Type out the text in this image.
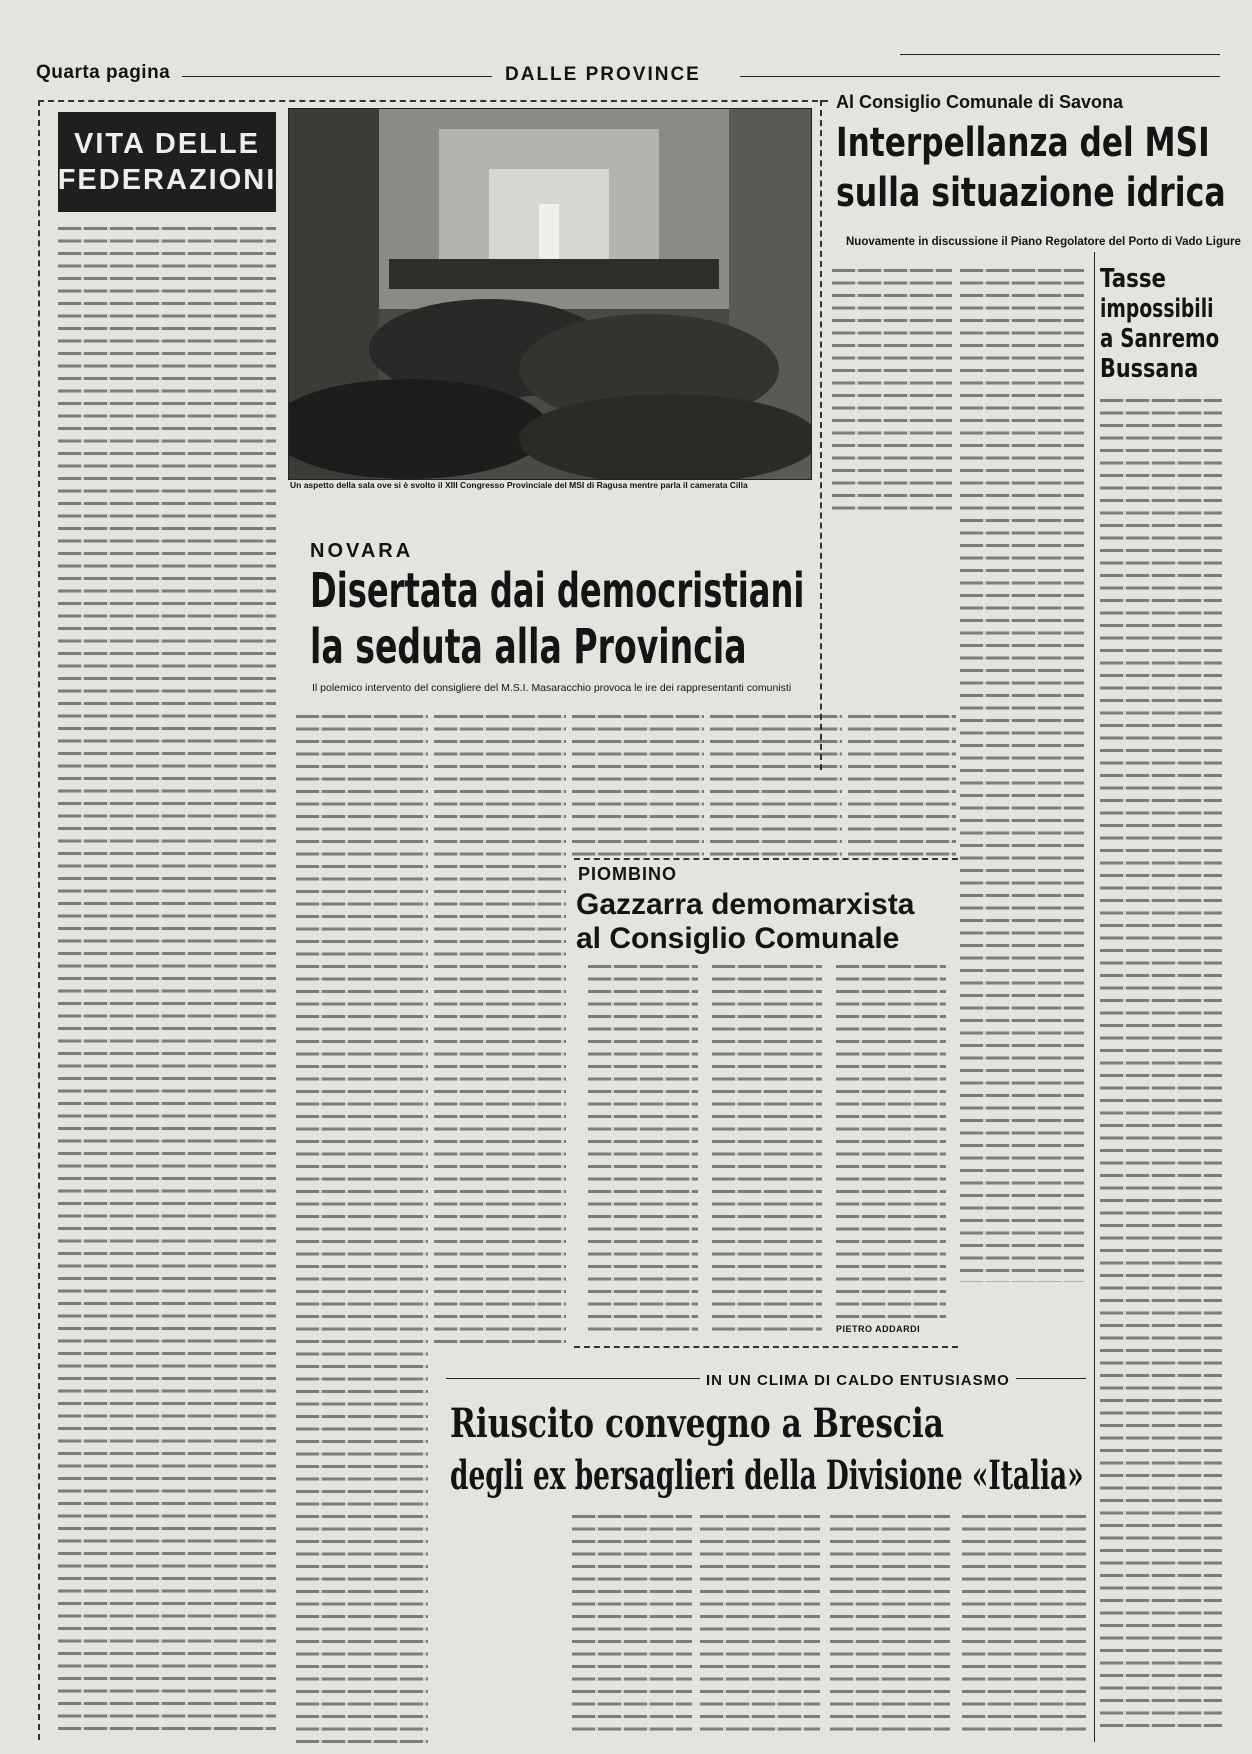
Quarta pagina	DALLE PROVINCE
VITA DELLE
FEDERAZIONI
Un aspetto della sala ove si è svolto il XIII Congresso Provinciale del MSI di Ragusa mentre parla il camerata Cilla
Al Consiglio Comunale di Savona
Interpellanza del MSI
sulla situazione idrica
Nuovamente in discussione il Piano Regolatore del Porto di Vado Ligure
Tasse
impossibili
a Sanremo
Bussana
NOVARA
Disertata dai democristiani
la seduta alla Provincia
Il polemico intervento del consigliere del M.S.I. Masaracchio provoca le ire dei rappresentanti comunisti
PIOMBINO
Gazzarra demomarxista
al Consiglio Comunale
PIETRO ADDARDI
IN UN CLIMA DI CALDO ENTUSIASMO
Riuscito convegno a Brescia
degli ex bersaglieri della Divisione «Italia»
